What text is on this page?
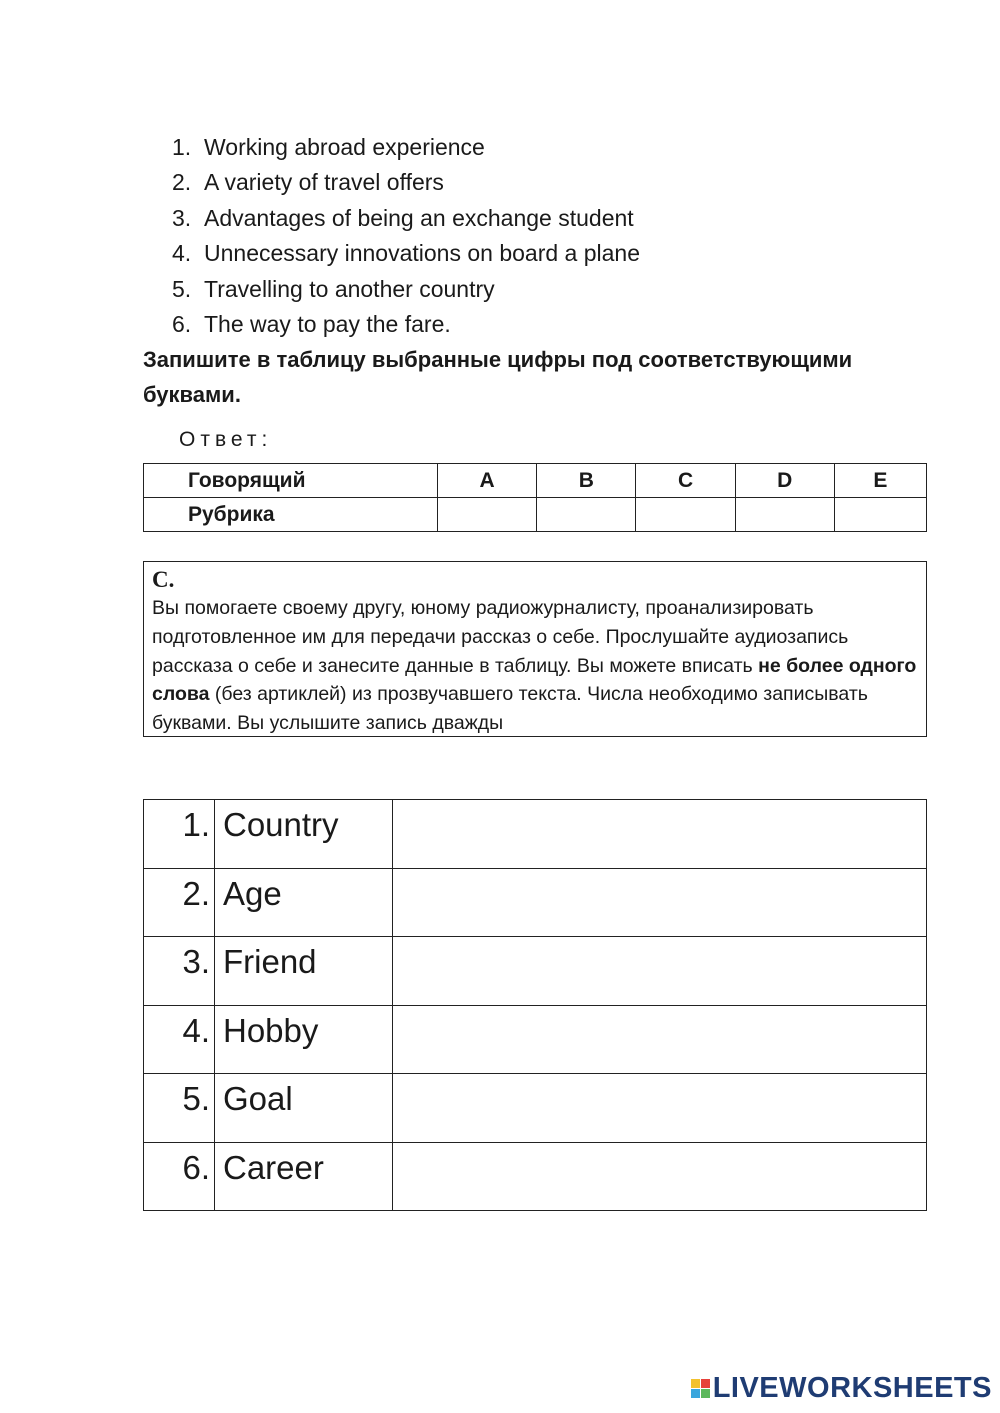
1. Working abroad experience
2. A variety of travel offers
3. Advantages of being an exchange student
4. Unnecessary innovations on board a plane
5. Travelling to another country
6. The way to pay the fare.
Запишите в таблицу выбранные цифры под соответствующими буквами.
Ответ:
Говорящий	A	B	C	D	E
Рубрика					
C.
Вы помогаете своему другу, юному радиожурналисту, проанализировать подготовленное им для передачи рассказ о себе. Прослушайте аудиозапись рассказа о себе и занесите данные в таблицу. Вы можете вписать не более одного слова (без артиклей) из прозвучавшего текста. Числа необходимо записывать буквами. Вы услышите запись дважды
1.	Country	
2.	Age	
3.	Friend	
4.	Hobby	
5.	Goal	
6.	Career	
LIVEWORKSHEETS
